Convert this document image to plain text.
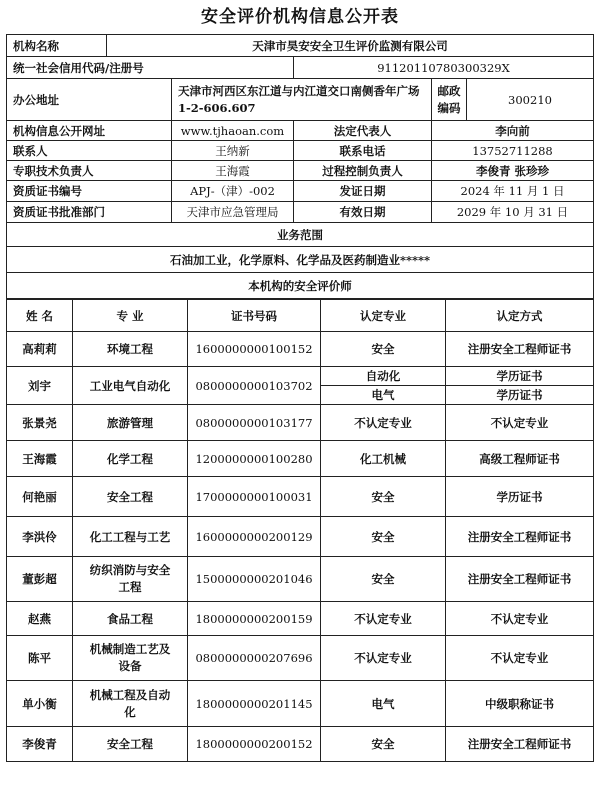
安全评价机构信息公开表
机构名称	天津市昊安安全卫生评价监测有限公司				
统一社会信用代码/注册号			91120110780300329X		
办公地址		天津市河西区东江道与内江道交口南侧香年广场 1-2-606.607		邮政编码	300210
机构信息公开网址		www.tjhaoan.com	法定代表人	李向前	
联系人		王纳新	联系电话	13752711288	
专职技术负责人		王海霞	过程控制负责人	李俊青 张珍珍	
资质证书编号		APJ-（津）-002	发证日期	2024 年 11 月 1 日	
资质证书批准部门		天津市应急管理局	有效日期	2029 年 10 月 31 日	
业务范围					
石油加工业，化学原料、化学品及医药制造业*****					
本机构的安全评价师					
姓 名	专 业	证书号码	认定专业	认定方式
高莉莉	环境工程	1600000000100152	安全	注册安全工程师证书
刘宇	工业电气自动化	0800000000103702	自动化	学历证书
			电气	学历证书
张景尧	旅游管理	0800000000103177	不认定专业	不认定专业
王海霞	化学工程	1200000000100280	化工机械	高级工程师证书
何艳丽	安全工程	1700000000100031	安全	学历证书
李洪伶	化工工程与工艺	1600000000200129	安全	注册安全工程师证书
董彭超	纺织消防与安全工程	1500000000201046	安全	注册安全工程师证书
赵燕	食品工程	1800000000200159	不认定专业	不认定专业
陈平	机械制造工艺及设备	0800000000207696	不认定专业	不认定专业
单小衡	机械工程及自动化	1800000000201145	电气	中级职称证书
李俊青	安全工程	1800000000200152	安全	注册安全工程师证书
